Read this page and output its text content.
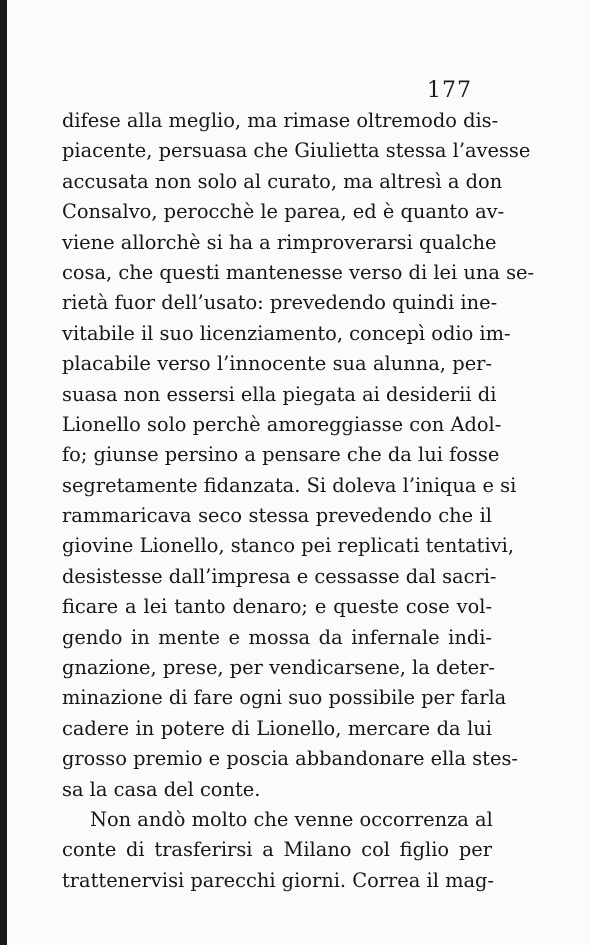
177
difese alla meglio, ma rimase oltremodo dis-
piacente, persuasa che Giulietta stessa l’avesse
accusata non solo al curato, ma altresì a don
Consalvo, perocchè le parea, ed è quanto av-
viene allorchè si ha a rimproverarsi qualche
cosa, che questi mantenesse verso di lei una se-
rietà fuor dell’usato: prevedendo quindi ine-
vitabile il suo licenziamento, concepì odio im-
placabile verso l’innocente sua alunna, per-
suasa non essersi ella piegata ai desiderii di
Lionello solo perchè amoreggiasse con Adol-
fo; giunse persino a pensare che da lui fosse
segretamente fidanzata. Si doleva l’iniqua e si
rammaricava seco stessa prevedendo che il
giovine Lionello, stanco pei replicati tentativi,
desistesse dall’impresa e cessasse dal sacri-
ficare a lei tanto denaro; e queste cose vol-
gendo in mente e mossa da infernale indi-
gnazione, prese, per vendicarsene, la deter-
minazione di fare ogni suo possibile per farla
cadere in potere di Lionello, mercare da lui
grosso premio e poscia abbandonare ella stes-
sa la casa del conte.
Non andò molto che venne occorrenza al
conte di trasferirsi a Milano col figlio per
trattenervisi parecchi giorni. Correa il mag-
